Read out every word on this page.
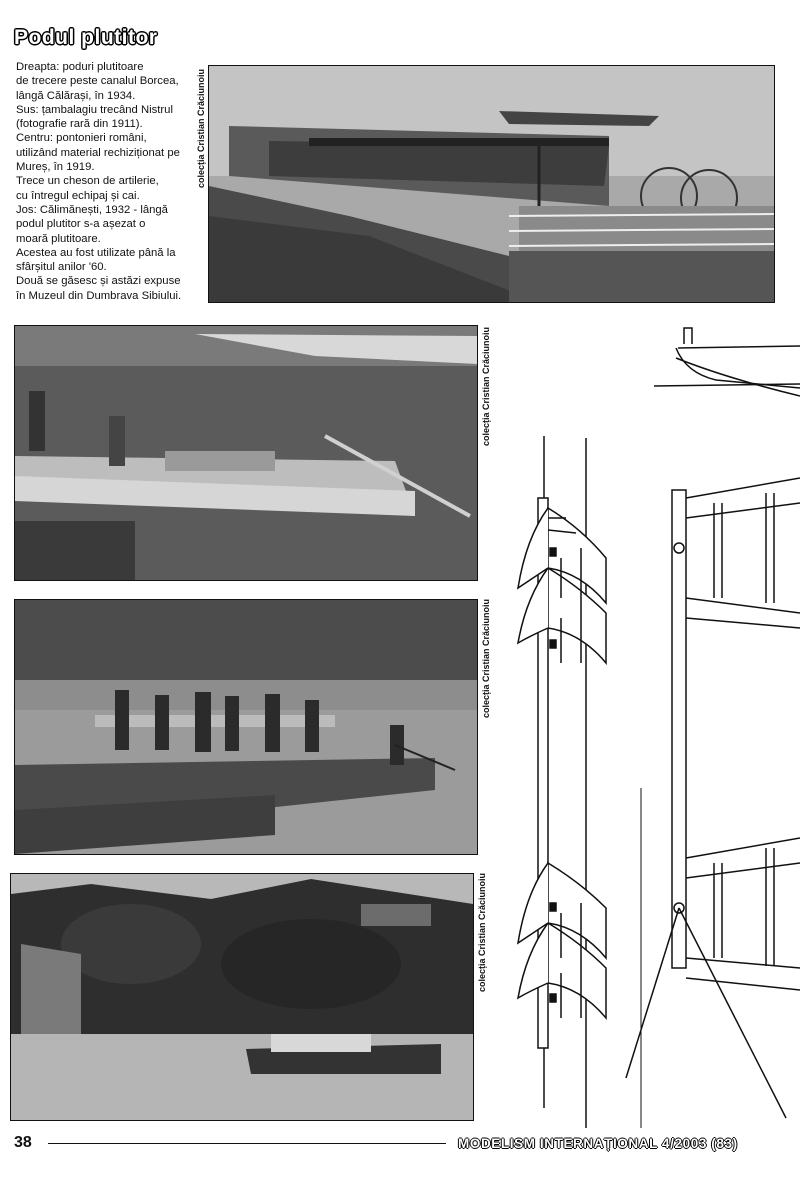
Podul plutitor
Dreapta: poduri plutitoare
de trecere peste canalul Borcea,
lângă Călărași, în 1934.
Sus: țambalagiu trecând Nistrul
(fotografie rară din 1911).
Centru: pontonieri români,
utilizând material rechiziționat pe
Mureș, în 1919.
Trece un cheson de artilerie,
cu întregul echipaj și cai.
Jos: Călimănești, 1932 - lângă
podul plutitor s-a așezat o
moară plutitoare.
Acestea au fost utilizate până la
sfârșitul anilor '60.
Două se găsesc și astăzi expuse
în Muzeul din Dumbrava Sibiului.
colecția Cristian Crăciunoiu
colecția Cristian Crăciunoiu
colecția Cristian Crăciunoiu
colecția Cristian Crăciunoiu
38	MODELISM INTERNAȚIONAL 4/2003 (83)
